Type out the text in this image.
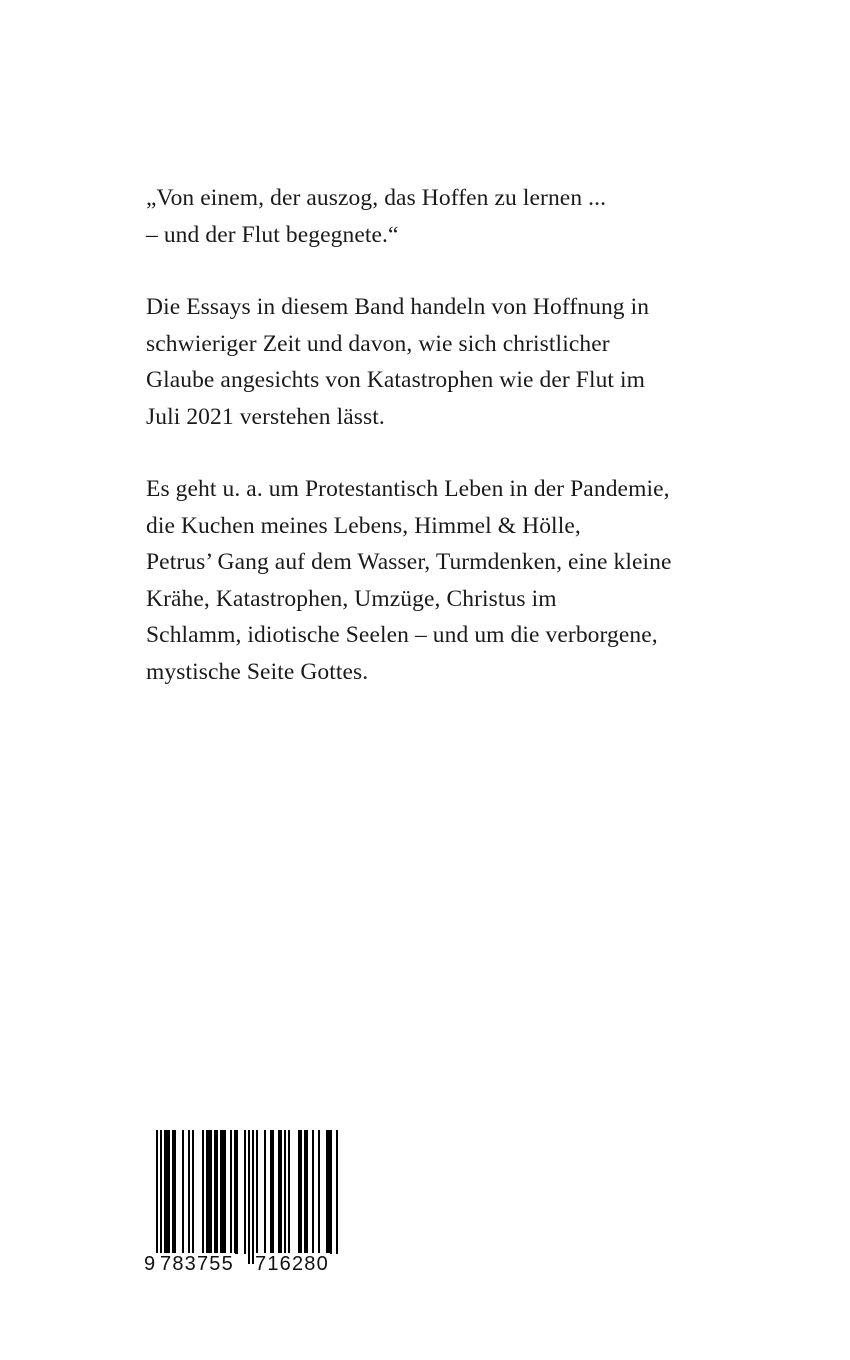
„Von einem, der auszog, das Hoffen zu lernen ...
– und der Flut begegnete.“

Die Essays in diesem Band handeln von Hoffnung in
schwieriger Zeit und davon, wie sich christlicher
Glaube angesichts von Katastrophen wie der Flut im
Juli 2021 verstehen lässt.

Es geht u. a. um Protestantisch Leben in der Pandemie,
die Kuchen meines Lebens, Himmel & Hölle,
Petrus’ Gang auf dem Wasser, Turmdenken, eine kleine
Krähe, Katastrophen, Umzüge, Christus im
Schlamm, idiotische Seelen – und um die verborgene,
mystische Seite Gottes.

9 783755 716280
